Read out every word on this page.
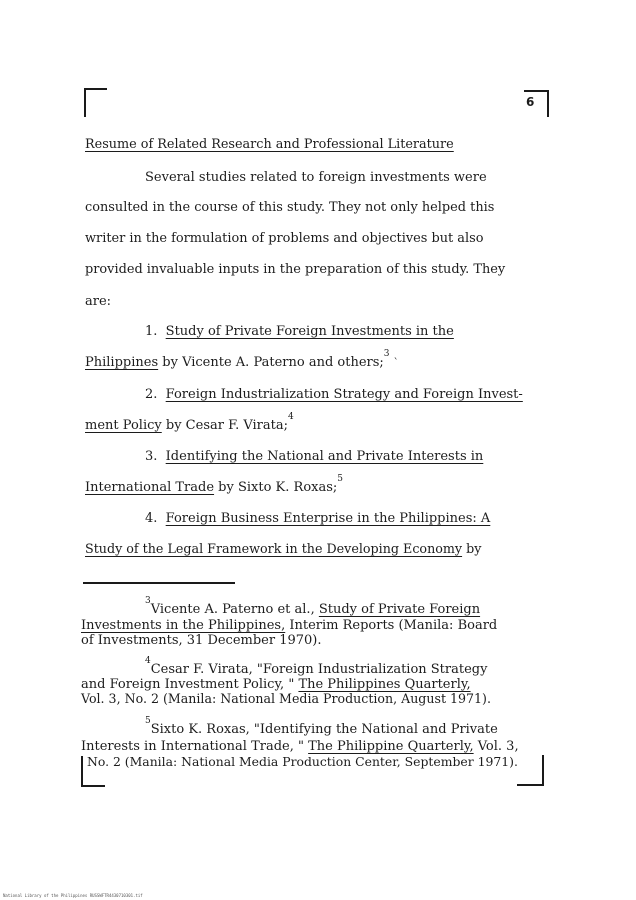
6
Resume of Related Research and Professional Literature
Several studies related to foreign investments were
consulted in the course of this study. They not only helped this
writer in the formulation of problems and objectives but also
provided invaluable inputs in the preparation of this study. They
are:
1. Study of Private Foreign Investments in the
Philippines by Vicente A. Paterno and others;$^3$ `
2. Foreign Industrialization Strategy and Foreign Invest-
ment Policy by Cesar F. Virata;$^4$
3. Identifying the National and Private Interests in
International Trade by Sixto K. Roxas;$^5$
4. Foreign Business Enterprise in the Philippines: A
Study of the Legal Framework in the Developing Economy by
$^3$Vicente A. Paterno et al., Study of Private Foreign
Investments in the Philippines, Interim Reports (Manila: Board
of Investments, 31 December 1970).
$^4$Cesar F. Virata, "Foreign Industrialization Strategy
and Foreign Investment Policy, " The Philippines Quarterly,
Vol. 3, No. 2 (Manila: National Media Production, August 1971).
$^5$Sixto K. Roxas, "Identifying the National and Private
Interests in International Trade, " The Philippine Quarterly, Vol. 3,
No. 2 (Manila: National Media Production Center, September 1971).
National Library of the Philippines RUSSWFTR4430710301.tif
